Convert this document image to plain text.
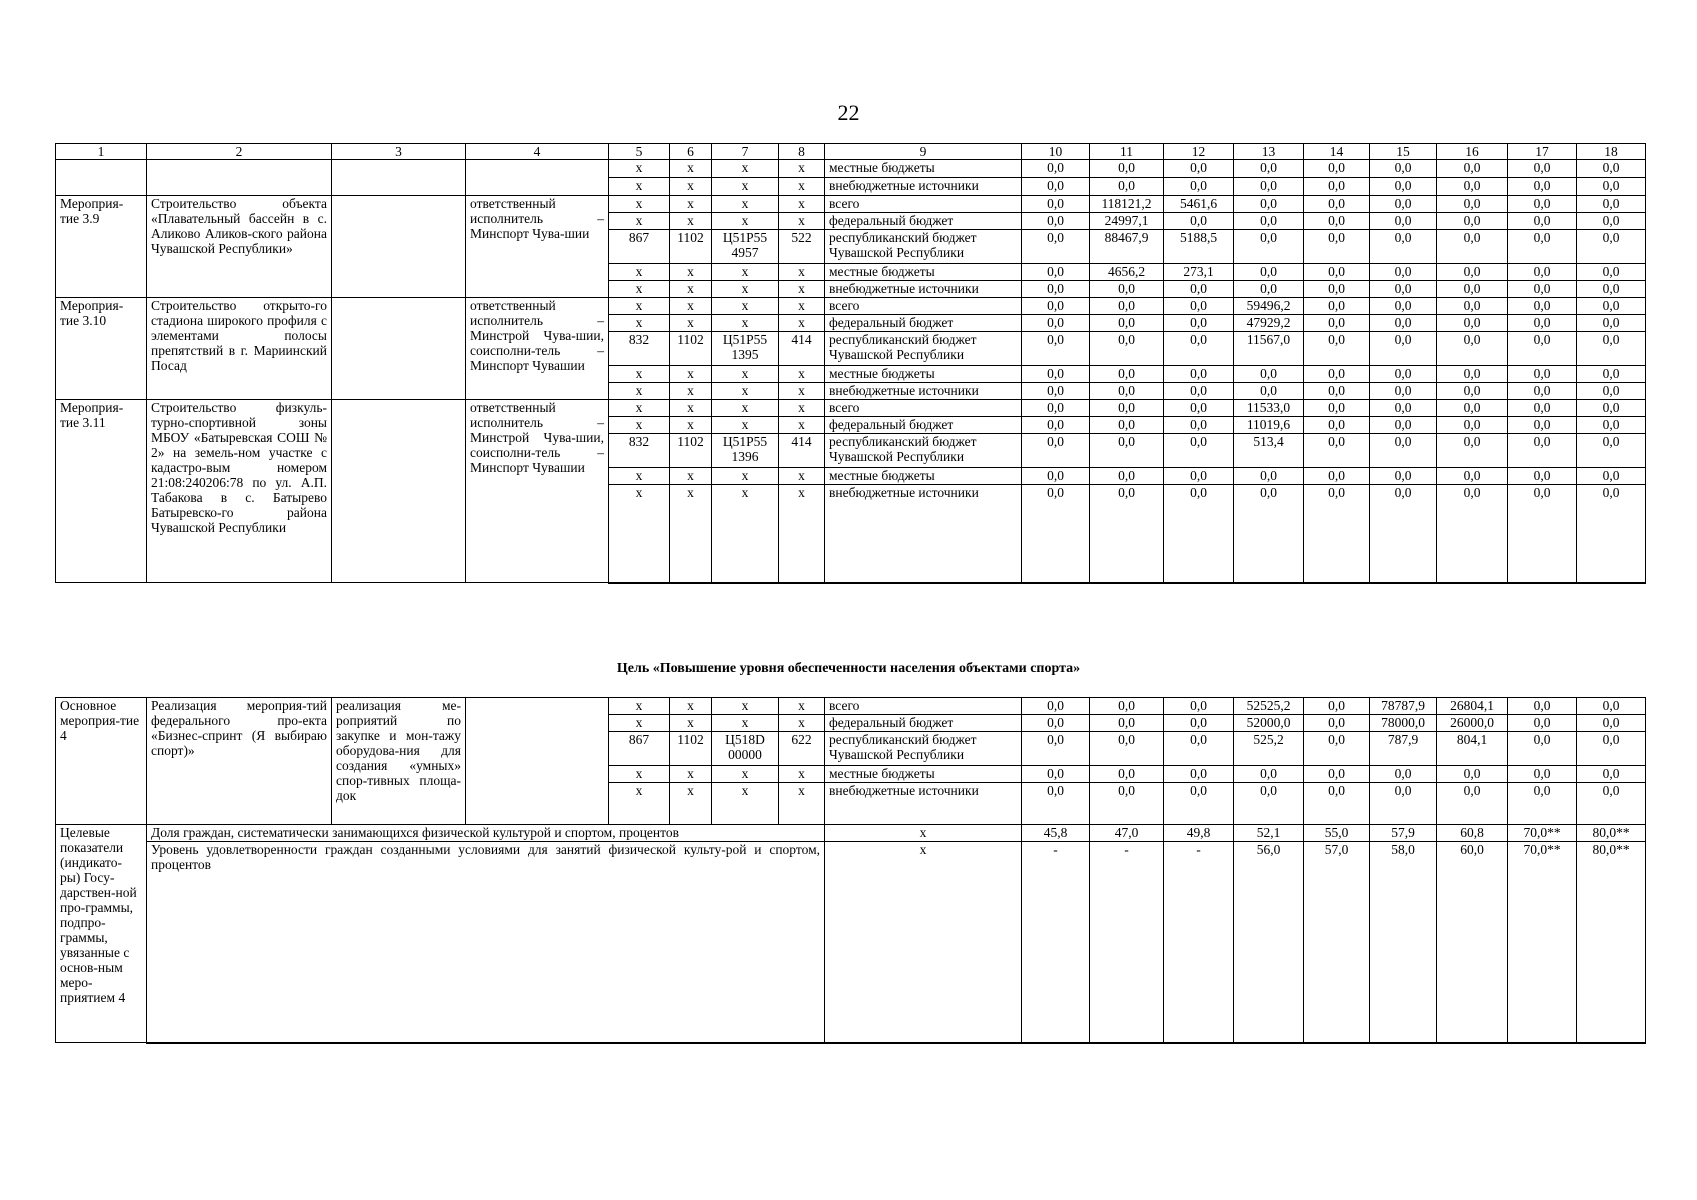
22
1	2	3	4	5	6	7	8	9	10	11	12	13	14	15	16	17	18
				х	х	х	х	местные бюджеты	0,0	0,0	0,0	0,0	0,0	0,0	0,0	0,0	0,0
				х	х	х	х	внебюджетные источники	0,0	0,0	0,0	0,0	0,0	0,0	0,0	0,0	0,0
Мероприя-тие 3.9	Строительство объекта «Плавательный бассейн в с. Аликово Аликов-ского района Чувашской Республики»		ответственный исполнитель – Минспорт Чува-шии	х	х	х	х	всего	0,0	118121,2	5461,6	0,0	0,0	0,0	0,0	0,0	0,0
				х	х	х	х	федеральный бюджет	0,0	24997,1	0,0	0,0	0,0	0,0	0,0	0,0	0,0
				867	1102	Ц51Р55 4957	522	республиканский бюджет Чувашской Республики	0,0	88467,9	5188,5	0,0	0,0	0,0	0,0	0,0	0,0
				х	х	х	х	местные бюджеты	0,0	4656,2	273,1	0,0	0,0	0,0	0,0	0,0	0,0
				х	х	х	х	внебюджетные источники	0,0	0,0	0,0	0,0	0,0	0,0	0,0	0,0	0,0
Мероприя-тие 3.10	Строительство открыто-го стадиона широкого профиля с элементами полосы препятствий в г. Мариинский Посад		ответственный исполнитель – Минстрой Чува-шии, соисполни-тель – Минспорт Чувашии	х	х	х	х	всего	0,0	0,0	0,0	59496,2	0,0	0,0	0,0	0,0	0,0
				х	х	х	х	федеральный бюджет	0,0	0,0	0,0	47929,2	0,0	0,0	0,0	0,0	0,0
				832	1102	Ц51Р55 1395	414	республиканский бюджет Чувашской Республики	0,0	0,0	0,0	11567,0	0,0	0,0	0,0	0,0	0,0
				х	х	х	х	местные бюджеты	0,0	0,0	0,0	0,0	0,0	0,0	0,0	0,0	0,0
				х	х	х	х	внебюджетные источники	0,0	0,0	0,0	0,0	0,0	0,0	0,0	0,0	0,0
Мероприя-тие 3.11	Строительство физкуль-турно-спортивной зоны МБОУ «Батыревская СОШ № 2» на земель-ном участке с кадастро-вым номером 21:08:240206:78 по ул. А.П. Табакова в с. Батырево Батыревско-го района Чувашской Республики		ответственный исполнитель – Минстрой Чува-шии, соисполни-тель – Минспорт Чувашии	х	х	х	х	всего	0,0	0,0	0,0	11533,0	0,0	0,0	0,0	0,0	0,0
				х	х	х	х	федеральный бюджет	0,0	0,0	0,0	11019,6	0,0	0,0	0,0	0,0	0,0
				832	1102	Ц51Р55 1396	414	республиканский бюджет Чувашской Республики	0,0	0,0	0,0	513,4	0,0	0,0	0,0	0,0	0,0
				х	х	х	х	местные бюджеты	0,0	0,0	0,0	0,0	0,0	0,0	0,0	0,0	0,0
				х	х	х	х	внебюджетные источники	0,0	0,0	0,0	0,0	0,0	0,0	0,0	0,0	0,0
Цель «Повышение уровня обеспеченности населения объектами спорта»
Основное мероприя-тие 4	Реализация мероприя-тий федерального про-екта «Бизнес-спринт (Я выбираю спорт)»	реализация ме-роприятий по закупке и мон-тажу оборудова-ния для создания «умных» спор-тивных площа-док		х	х	х	х	всего	0,0	0,0	0,0	52525,2	0,0	78787,9	26804,1	0,0	0,0
				х	х	х	х	федеральный бюджет	0,0	0,0	0,0	52000,0	0,0	78000,0	26000,0	0,0	0,0
				867	1102	Ц518D 00000	622	республиканский бюджет Чувашской Республики	0,0	0,0	0,0	525,2	0,0	787,9	804,1	0,0	0,0
				х	х	х	х	местные бюджеты	0,0	0,0	0,0	0,0	0,0	0,0	0,0	0,0	0,0
				х	х	х	х	внебюджетные источники	0,0	0,0	0,0	0,0	0,0	0,0	0,0	0,0	0,0
Целевые показатели (индикато-ры) Госу-дарствен-ной про-граммы, подпро-граммы, увязанные с основ-ным меро-приятием 4	Доля граждан, систематически занимающихся физической культурой и спортом, процентов							х	45,8	47,0	49,8	52,1	55,0	57,9	60,8	70,0**	80,0**
	Уровень удовлетворенности граждан созданными условиями для занятий физической культу-рой и спортом, процентов							х	-	-	-	56,0	57,0	58,0	60,0	70,0**	80,0**
